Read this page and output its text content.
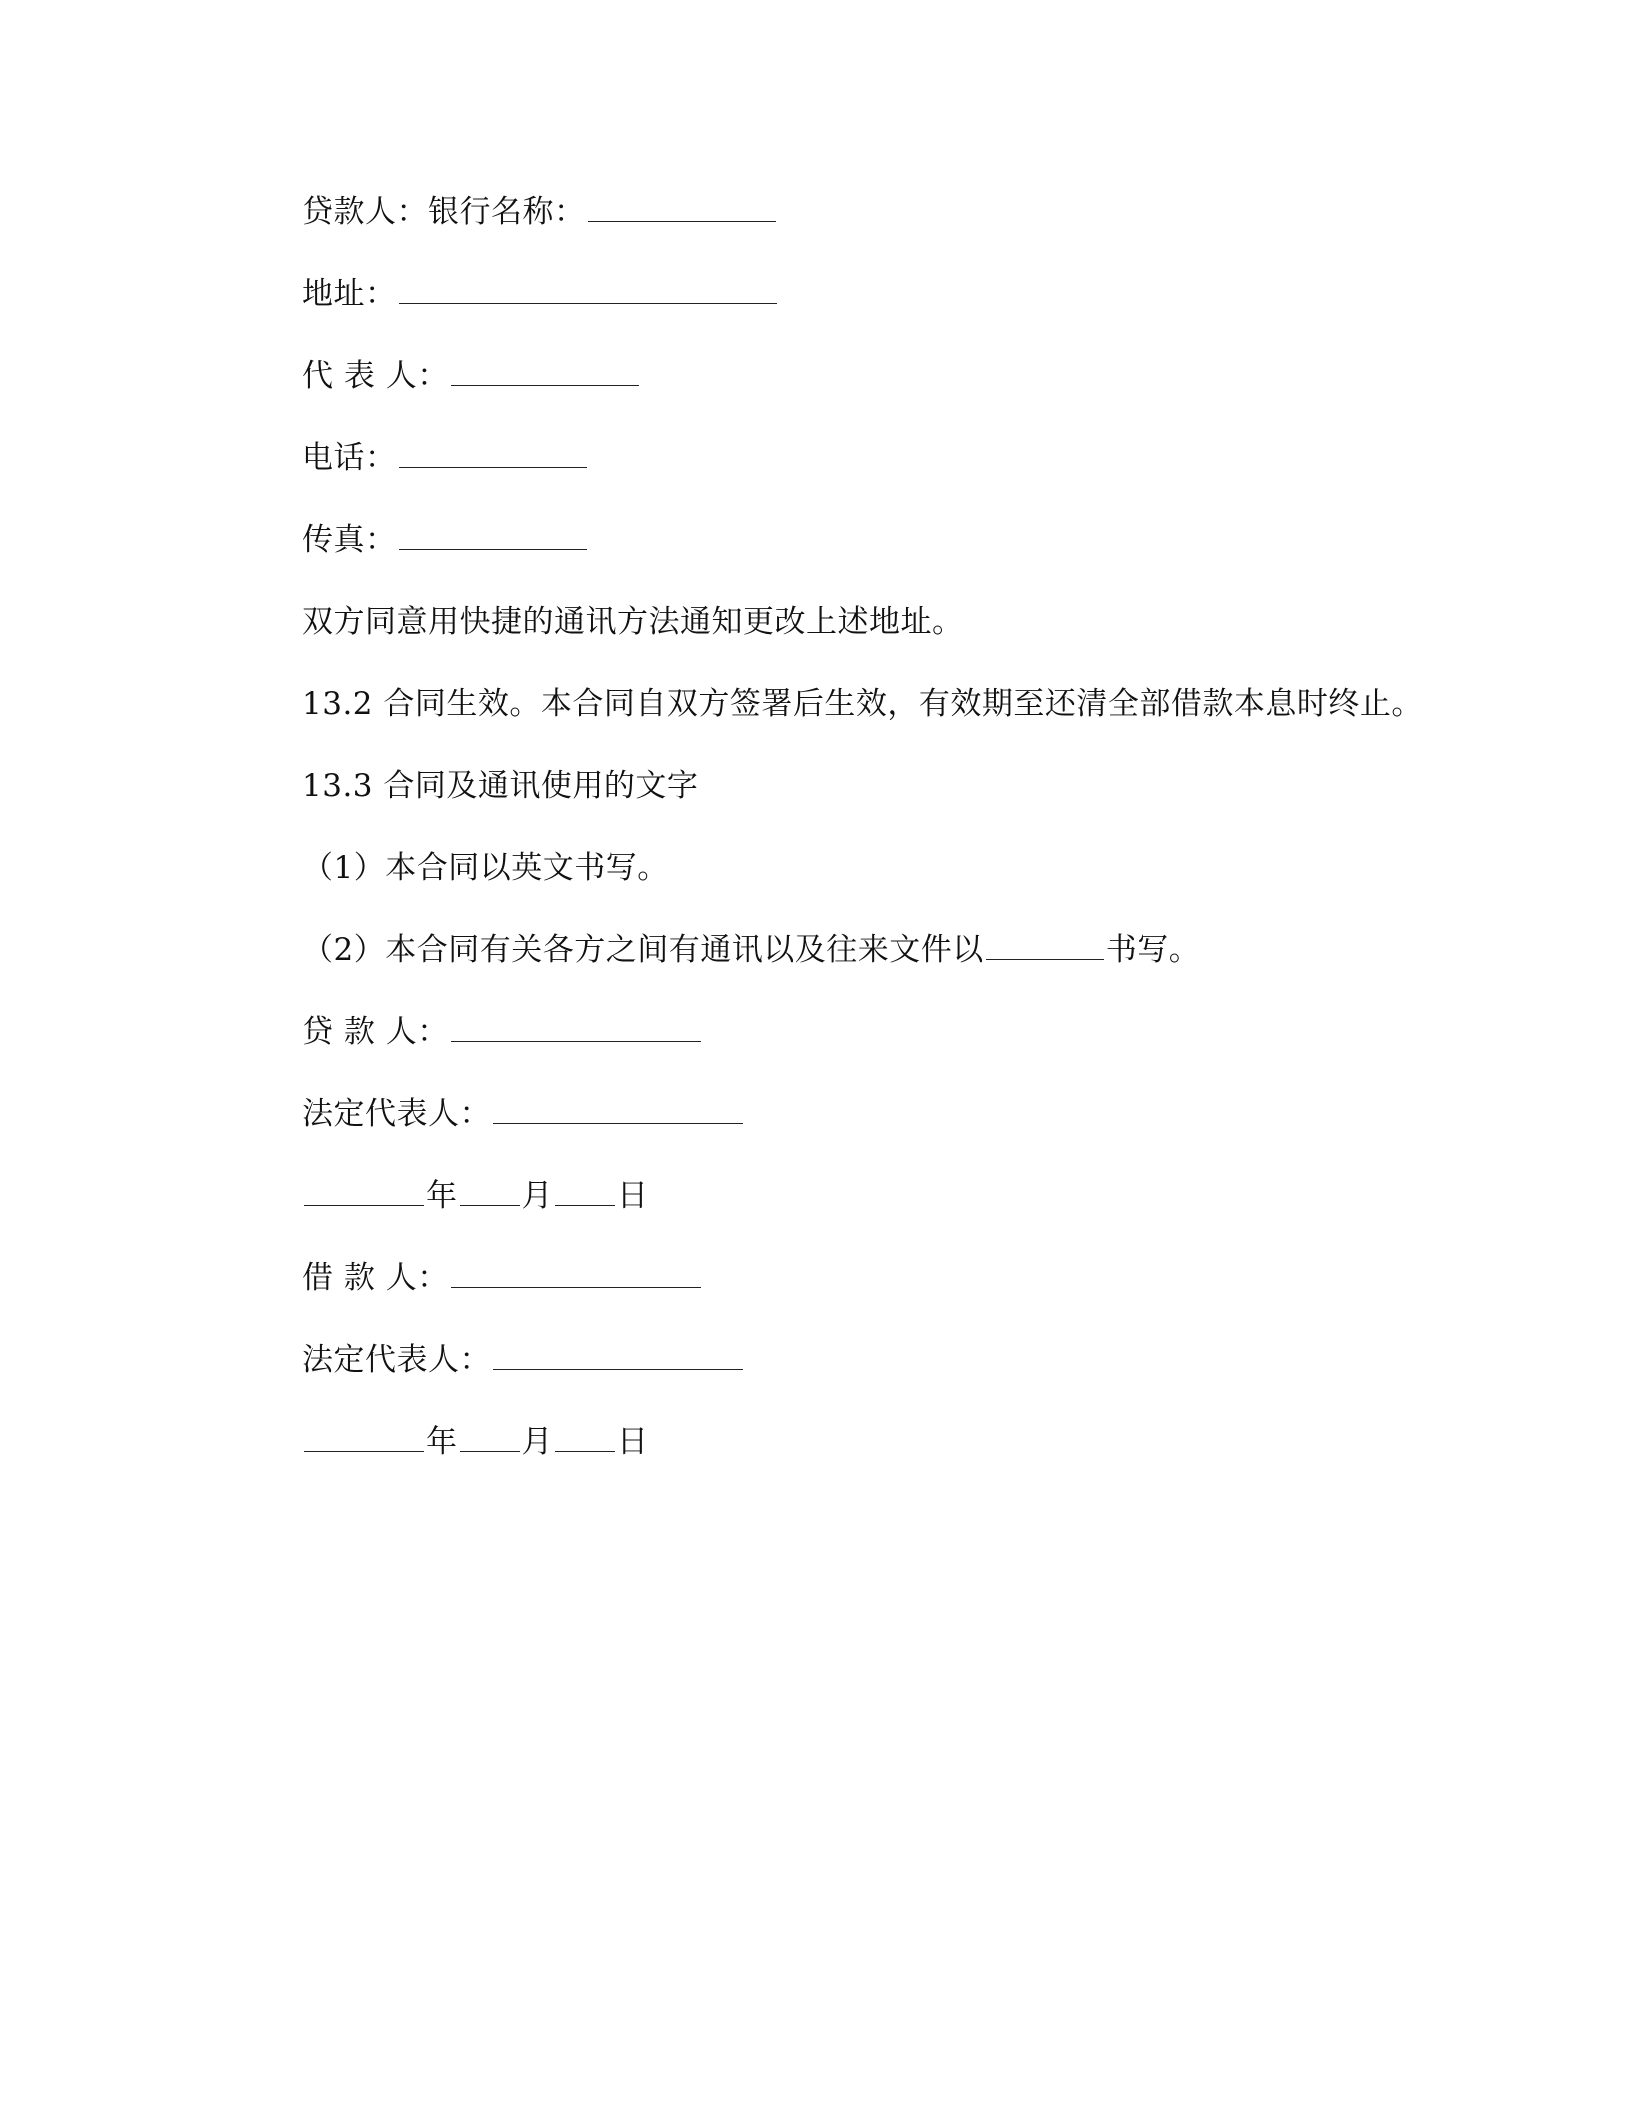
贷款人：银行名称：
地址：
代 表 人：
电话：
传真：
双方同意用快捷的通讯方法通知更改上述地址。
13.2 合同生效。本合同自双方签署后生效，有效期至还清全部借款本息时终止。
13.3 合同及通讯使用的文字
（1）本合同以英文书写。
（2）本合同有关各方之间有通讯以及往来文件以	书写。
贷 款 人：
法定代表人：
年 月 日
借 款 人：
法定代表人：
年 月 日
